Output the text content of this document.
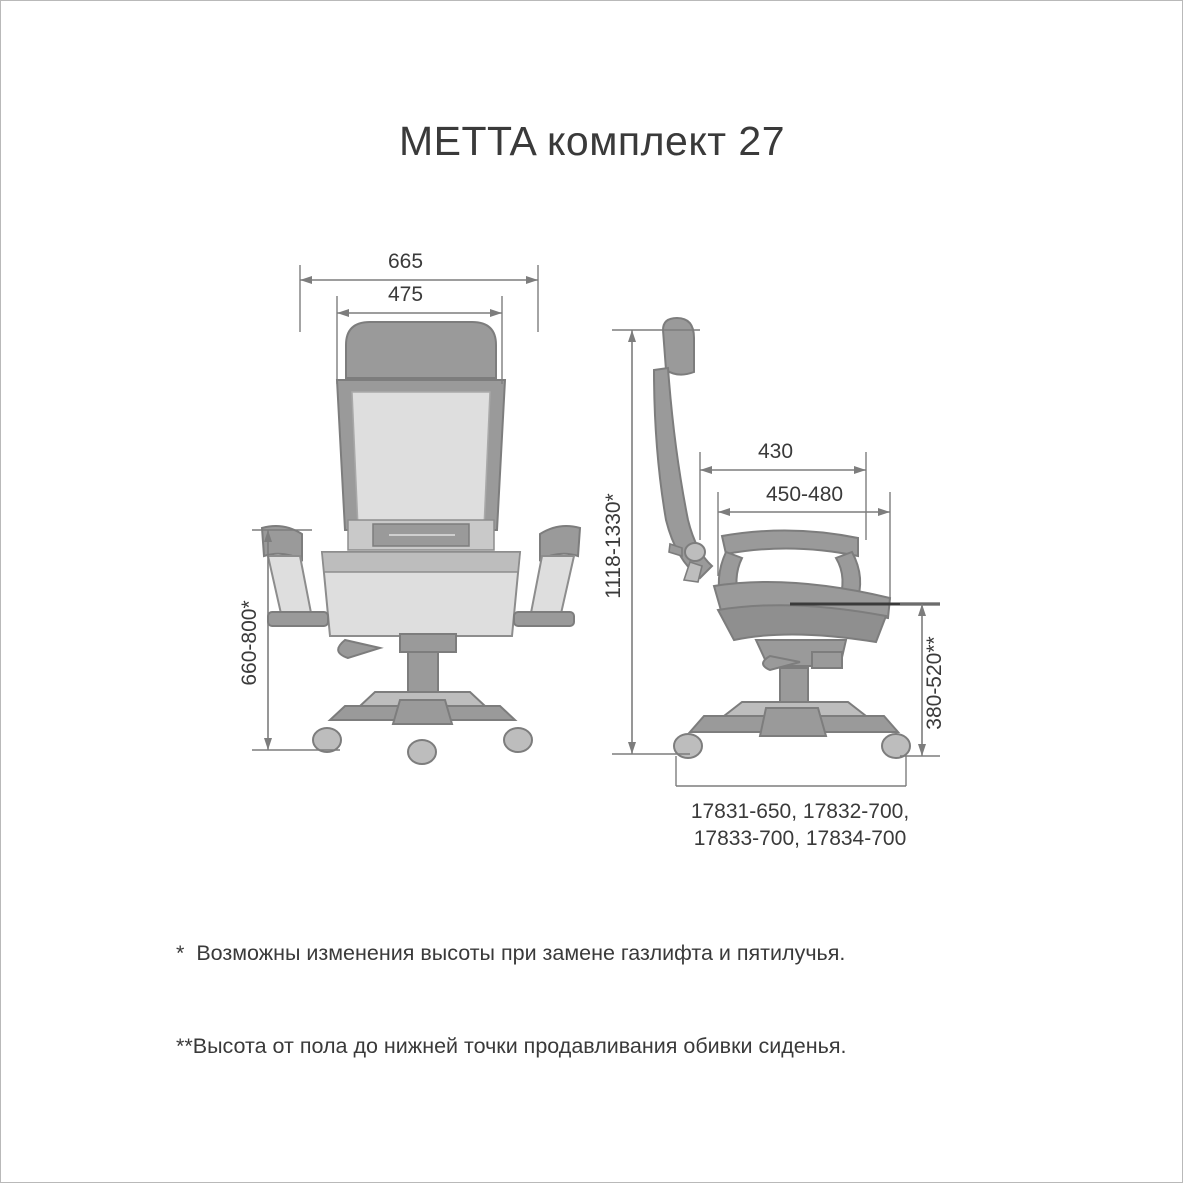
METTA комплект 27
665
475
660-800*
1118-1330*
430
450-480
380-520**
17831-650, 17832-700,
17833-700, 17834-700

*  Возможны изменения высоты при замене газлифта и пятилучья.

**Высота от пола до нижней точки продавливания обивки сиденья.
